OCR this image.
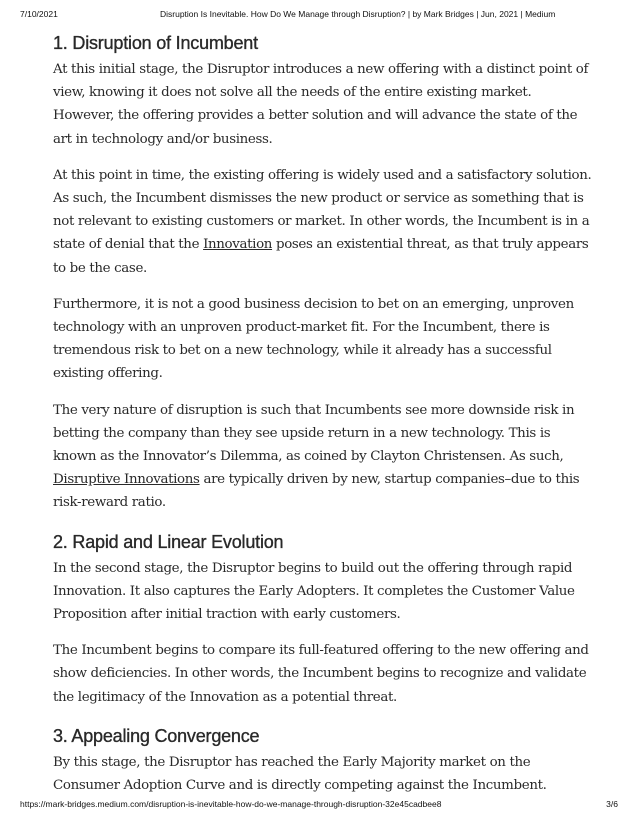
7/10/2021	Disruption Is Inevitable. How Do We Manage through Disruption? | by Mark Bridges | Jun, 2021 | Medium
1. Disruption of Incumbent

At this initial stage, the Disruptor introduces a new offering with a distinct point of view, knowing it does not solve all the needs of the entire existing market. However, the offering provides a better solution and will advance the state of the art in technology and/or business.

At this point in time, the existing offering is widely used and a satisfactory solution. As such, the Incumbent dismisses the new product or service as something that is not relevant to existing customers or market. In other words, the Incumbent is in a state of denial that the Innovation poses an existential threat, as that truly appears to be the case.

Furthermore, it is not a good business decision to bet on an emerging, unproven technology with an unproven product-market fit. For the Incumbent, there is tremendous risk to bet on a new technology, while it already has a successful existing offering.

The very nature of disruption is such that Incumbents see more downside risk in betting the company than they see upside return in a new technology. This is known as the Innovator’s Dilemma, as coined by Clayton Christensen. As such, Disruptive Innovations are typically driven by new, startup companies–due to this risk-reward ratio.

2. Rapid and Linear Evolution

In the second stage, the Disruptor begins to build out the offering through rapid Innovation. It also captures the Early Adopters. It completes the Customer Value Proposition after initial traction with early customers.

The Incumbent begins to compare its full-featured offering to the new offering and show deficiencies. In other words, the Incumbent begins to recognize and validate the legitimacy of the Innovation as a potential threat.

3. Appealing Convergence

By this stage, the Disruptor has reached the Early Majority market on the Consumer Adoption Curve and is directly competing against the Incumbent.

https://mark-bridges.medium.com/disruption-is-inevitable-how-do-we-manage-through-disruption-32e45cadbee8	3/6
